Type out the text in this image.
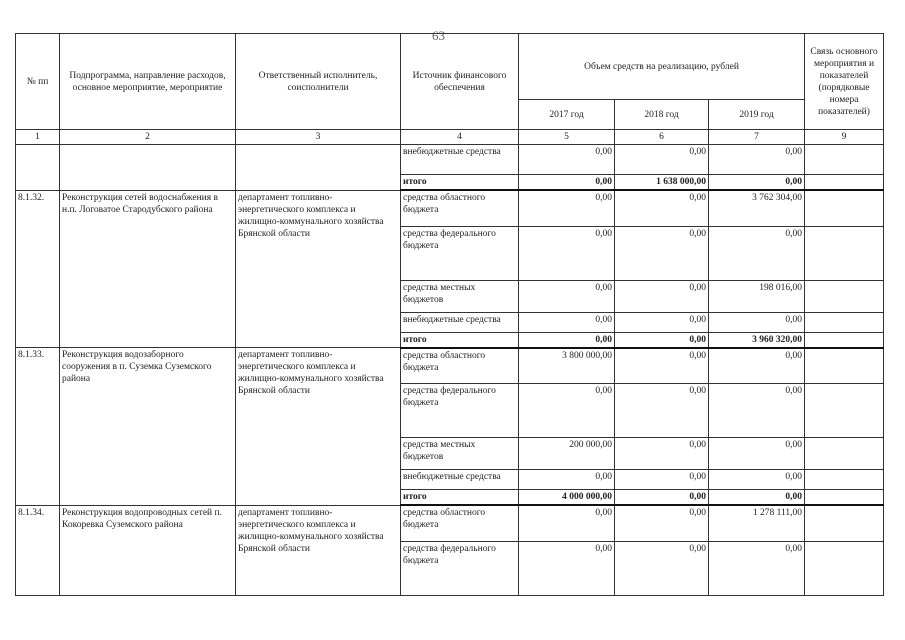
63
№ пп	Подпрограмма, направление расходов, основное мероприятие, мероприятие	Ответственный исполнитель, соисполнители	Источник финансового обеспечения	Объем средств на реализацию, рублей			Связь основного мероприятия и показателей (порядковые номера показателей)
				2017 год	2018 год	2019 год	
1	2	3	4	5	6	7	9
			внебюджетные средства	0,00	0,00	0,00	
			итого	0,00	1 638 000,00	0,00	
8.1.32.	Реконструкция сетей водоснабжения в н.п. Логоватое Стародубского района	департамент топливно-энергетического комплекса и жилищно-коммунального хозяйства Брянской области	средства областного бюджета	0,00	0,00	3 762 304,00	
			средства федерального бюджета	0,00	0,00	0,00	
			средства местных бюджетов	0,00	0,00	198 016,00	
			внебюджетные средства	0,00	0,00	0,00	
			итого	0,00	0,00	3 960 320,00	
8.1.33.	Реконструкция водозаборного сооружения в п. Суземка Суземского района	департамент топливно-энергетического комплекса и жилищно-коммунального хозяйства Брянской области	средства областного бюджета	3 800 000,00	0,00	0,00	
			средства федерального бюджета	0,00	0,00	0,00	
			средства местных бюджетов	200 000,00	0,00	0,00	
			внебюджетные средства	0,00	0,00	0,00	
			итого	4 000 000,00	0,00	0,00	
8.1.34.	Реконструкция водопроводных сетей п. Кокоревка Суземского района	департамент топливно-энергетического комплекса и жилищно-коммунального хозяйства Брянской области	средства областного бюджета	0,00	0,00	1 278 111,00	
			средства федерального бюджета	0,00	0,00	0,00	
